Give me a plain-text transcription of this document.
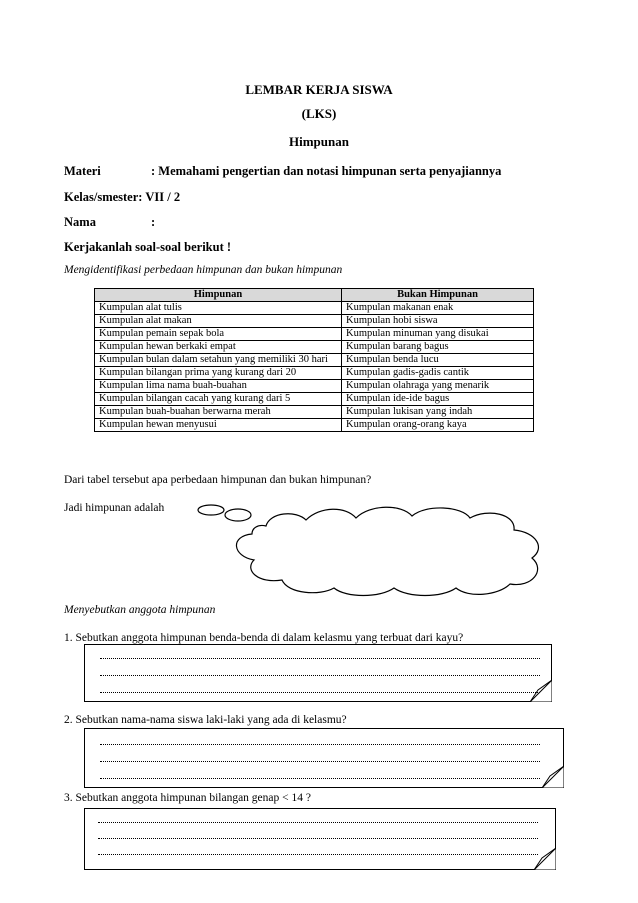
LEMBAR KERJA SISWA
(LKS)
Himpunan
Materi	: Memahami pengertian dan notasi himpunan serta penyajiannya
Kelas/smester: VII / 2
Nama	:
Kerjakanlah soal-soal berikut !
Mengidentifikasi perbedaan himpunan dan bukan himpunan
Himpunan	Bukan Himpunan
Kumpulan alat tulis	Kumpulan makanan enak
Kumpulan alat makan	Kumpulan hobi siswa
Kumpulan pemain sepak bola	Kumpulan minuman yang disukai
Kumpulan hewan berkaki empat	Kumpulan barang bagus
Kumpulan bulan dalam setahun yang memiliki 30 hari	Kumpulan benda lucu
Kumpulan bilangan prima yang kurang dari 20	Kumpulan gadis-gadis cantik
Kumpulan lima nama buah-buahan	Kumpulan olahraga yang menarik
Kumpulan bilangan cacah yang kurang dari 5	Kumpulan ide-ide bagus
Kumpulan buah-buahan berwarna merah	Kumpulan lukisan yang indah
Kumpulan hewan menyusui	Kumpulan orang-orang kaya
Dari tabel tersebut apa perbedaan himpunan dan bukan himpunan?
Jadi himpunan adalah
Menyebutkan anggota himpunan
1. Sebutkan anggota himpunan benda-benda di dalam kelasmu yang terbuat dari kayu?
2. Sebutkan nama-nama siswa laki-laki yang ada di kelasmu?
3. Sebutkan anggota himpunan bilangan genap < 14 ?
